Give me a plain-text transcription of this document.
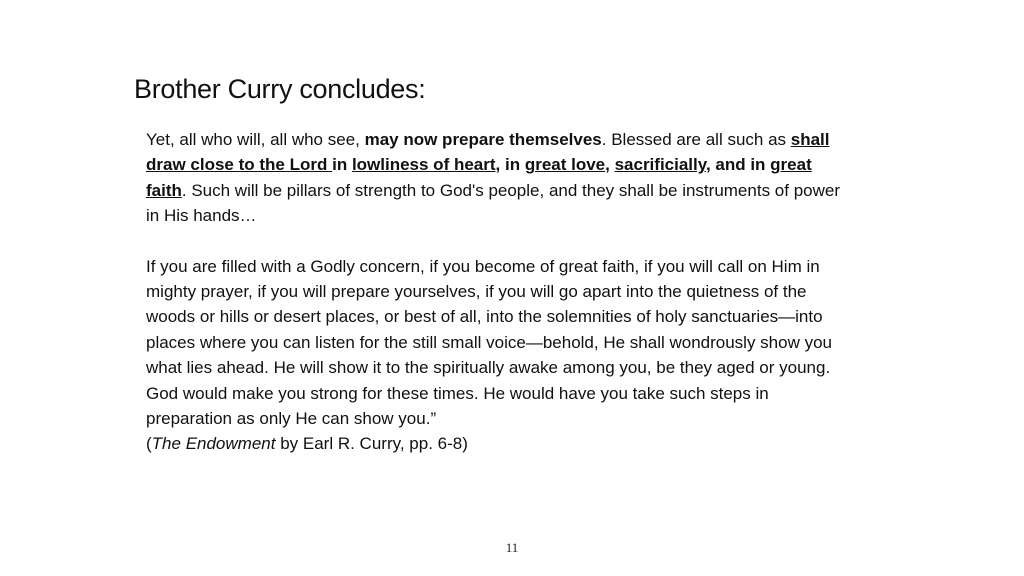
Brother Curry concludes:

Yet, all who will, all who see, may now prepare themselves. Blessed are all such as shall draw close to the Lord in lowliness of heart, in great love, sacrificially, and in great faith. Such will be pillars of strength to God's people, and they shall be instruments of power in His hands…

If you are filled with a Godly concern, if you become of great faith, if you will call on Him in mighty prayer, if you will prepare yourselves, if you will go apart into the quietness of the woods or hills or desert places, or best of all, into the solemnities of holy sanctuaries—into places where you can listen for the still small voice—behold, He shall wondrously show you what lies ahead. He will show it to the spiritually awake among you, be they aged or young. God would make you strong for these times. He would have you take such steps in preparation as only He can show you.”
(The Endowment by Earl R. Curry, pp. 6-8)

11
